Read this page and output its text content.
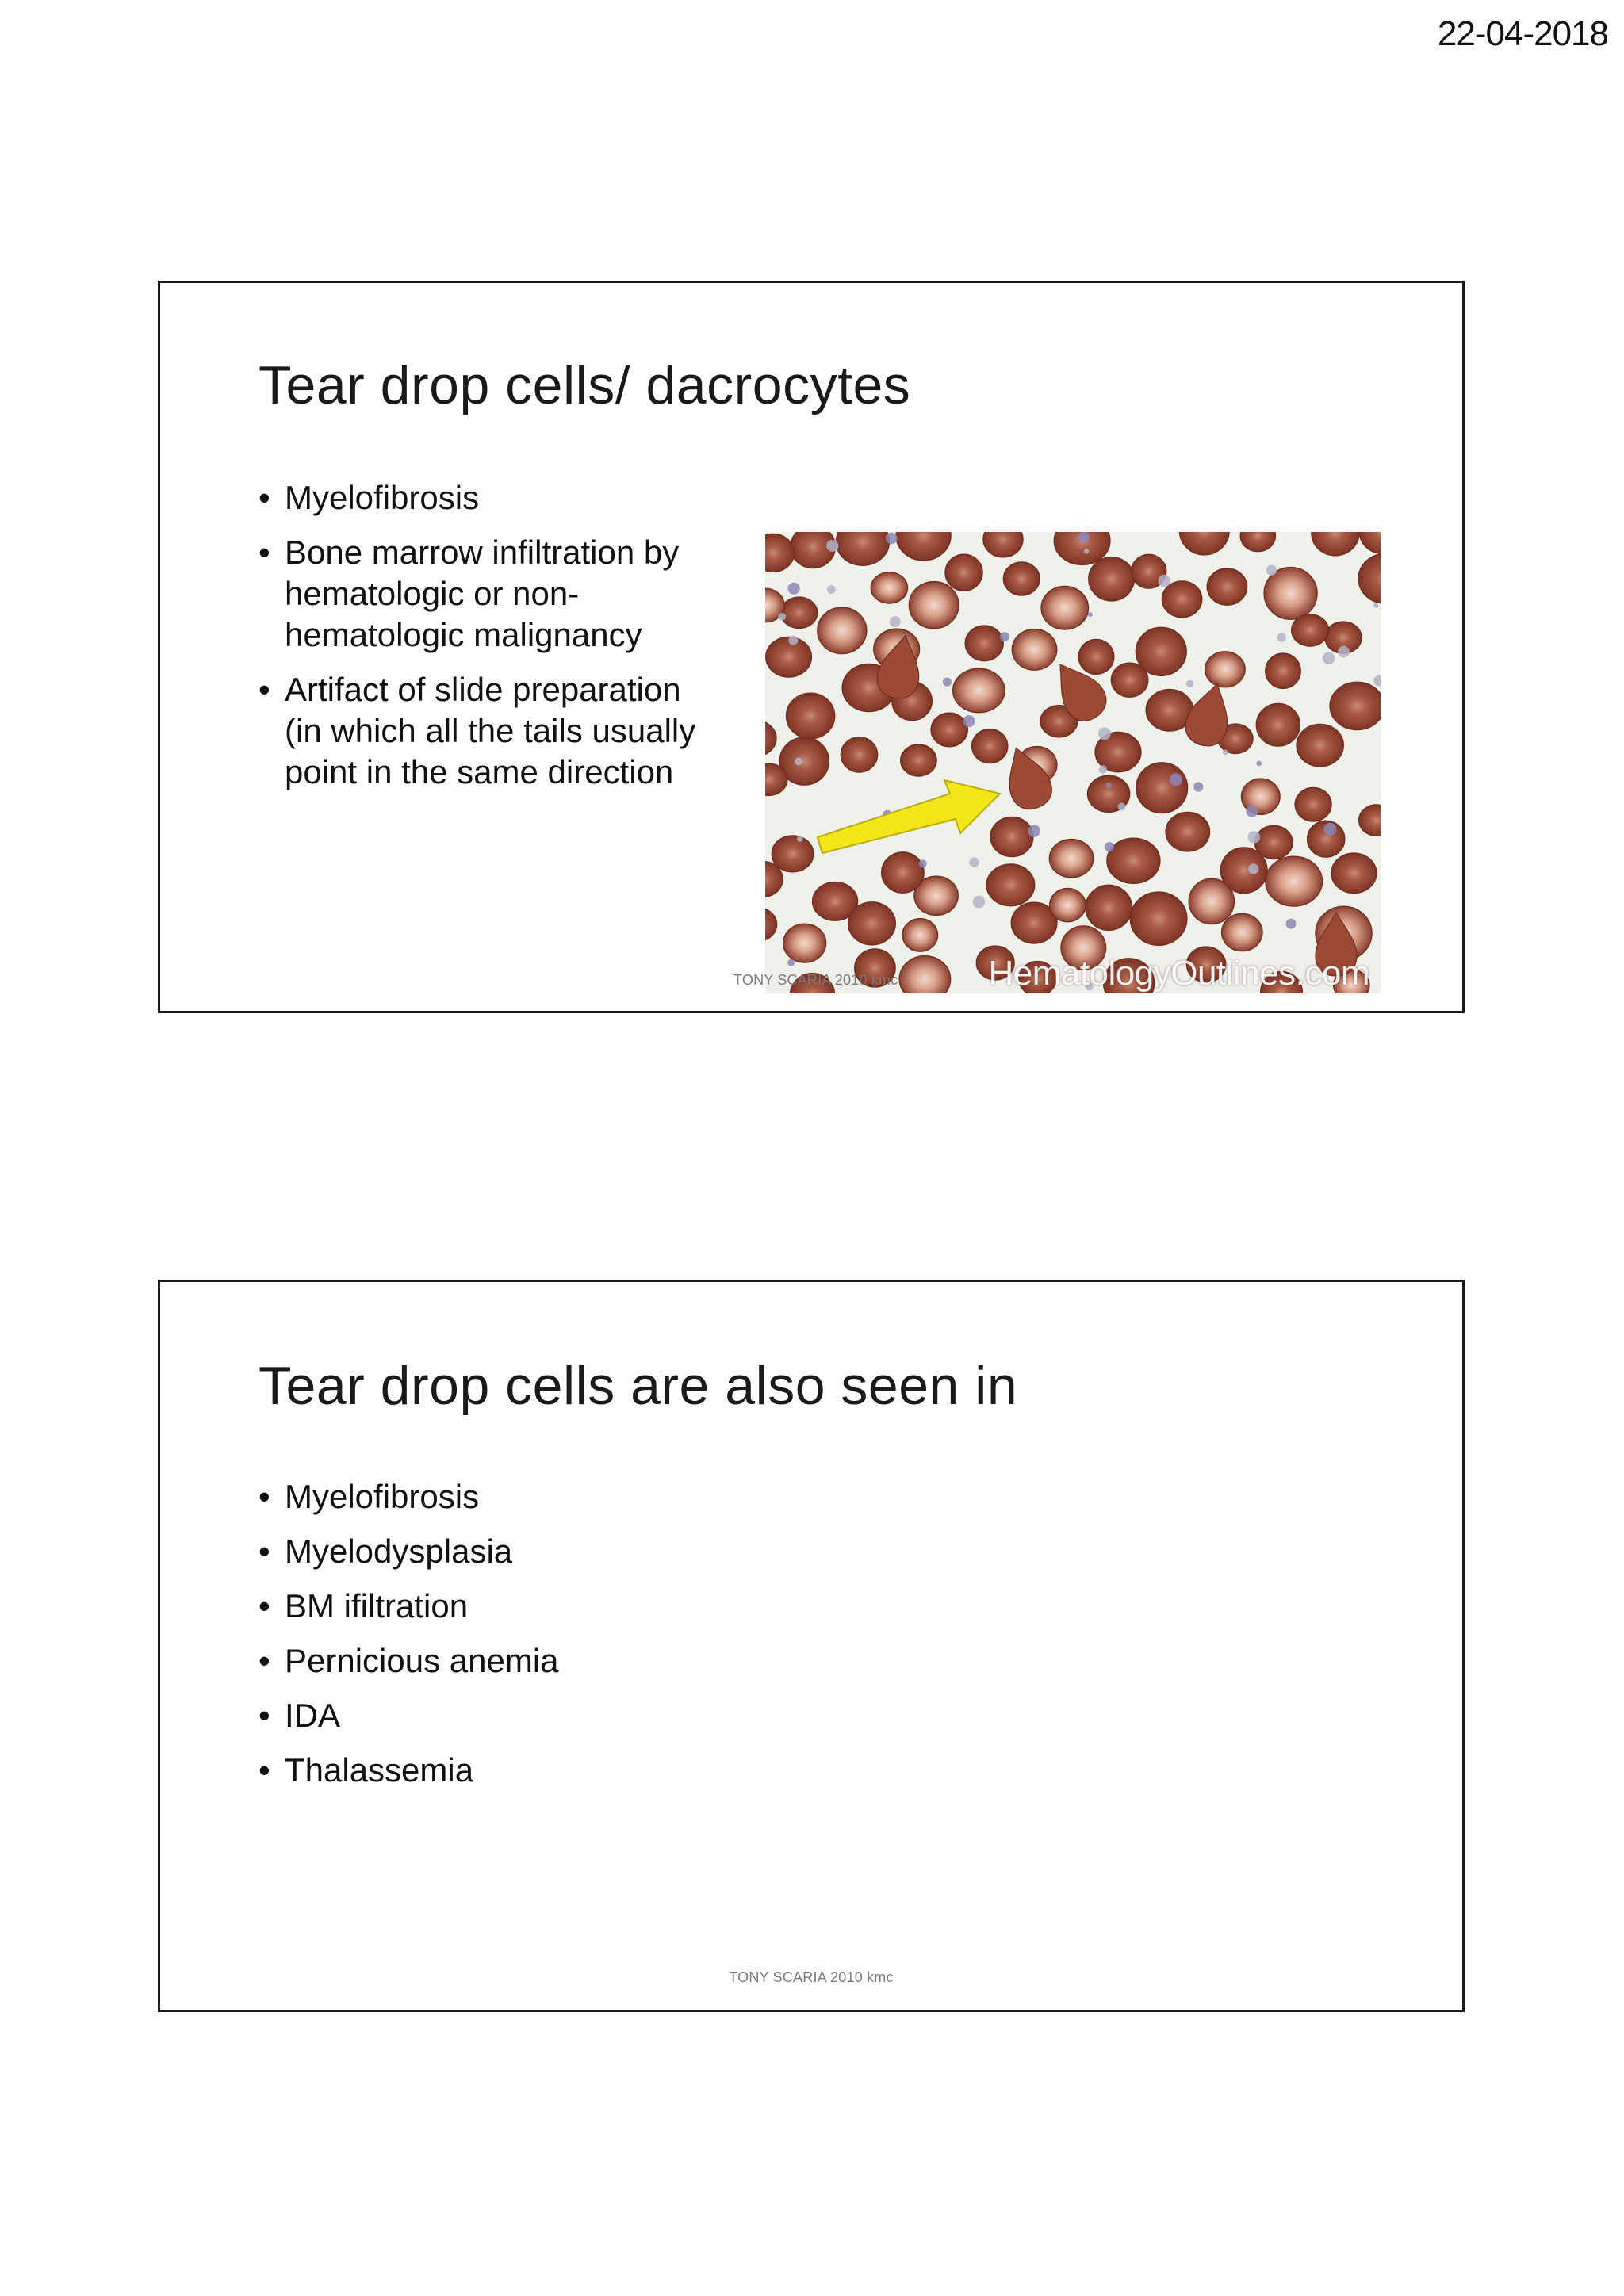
22-04-2018
Tear drop cells/ dacrocytes
• Myelofibrosis
• Bone marrow infiltration by hematologic or non-hematologic malignancy
• Artifact of slide preparation (in which all the tails usually point in the same direction
HematologyOutlines.com
TONY SCARIA 2010 kmc
Tear drop cells are also seen in
• Myelofibrosis
• Myelodysplasia
• BM ifiltration
• Pernicious anemia
• IDA
• Thalassemia
TONY SCARIA 2010 kmc
